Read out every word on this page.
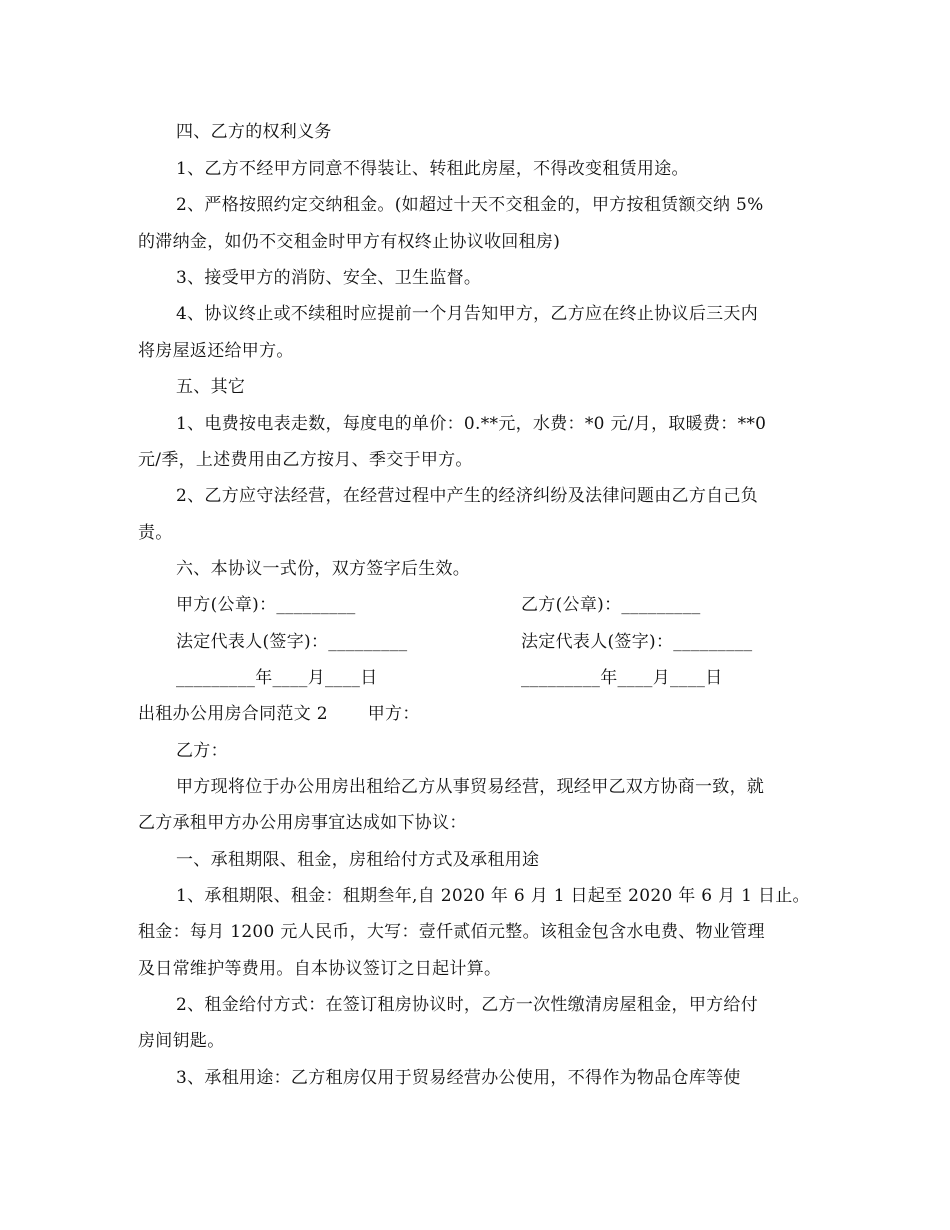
四、乙方的权利义务
1、乙方不经甲方同意不得装让、转租此房屋，不得改变租赁用途。
2、严格按照约定交纳租金。(如超过十天不交租金的，甲方按租赁额交纳 5%
的滞纳金，如仍不交租金时甲方有权终止协议收回租房)
3、接受甲方的消防、安全、卫生监督。
4、协议终止或不续租时应提前一个月告知甲方，乙方应在终止协议后三天内
将房屋返还给甲方。
五、其它
1、电费按电表走数，每度电的单价：0.**元，水费：*0 元/月，取暖费：**0
元/季，上述费用由乙方按月、季交于甲方。
2、乙方应守法经营，在经营过程中产生的经济纠纷及法律问题由乙方自己负
责。
六、本协议一式份，双方签字后生效。
甲方(公章)：_________	乙方(公章)：_________
法定代表人(签字)：_________	法定代表人(签字)：_________
_________年____月____日	_________年____月____日
出租办公用房合同范文 2       甲方：
乙方：
甲方现将位于办公用房出租给乙方从事贸易经营，现经甲乙双方协商一致，就
乙方承租甲方办公用房事宜达成如下协议：
一、承租期限、租金，房租给付方式及承租用途
1、承租期限、租金：租期叁年,自 2020 年 6 月 1 日起至 2020 年 6 月 1 日止。
租金：每月 1200 元人民币，大写：壹仟贰佰元整。该租金包含水电费、物业管理
及日常维护等费用。自本协议签订之日起计算。
2、租金给付方式：在签订租房协议时，乙方一次性缴清房屋租金，甲方给付
房间钥匙。
3、承租用途：乙方租房仅用于贸易经营办公使用，不得作为物品仓库等使
